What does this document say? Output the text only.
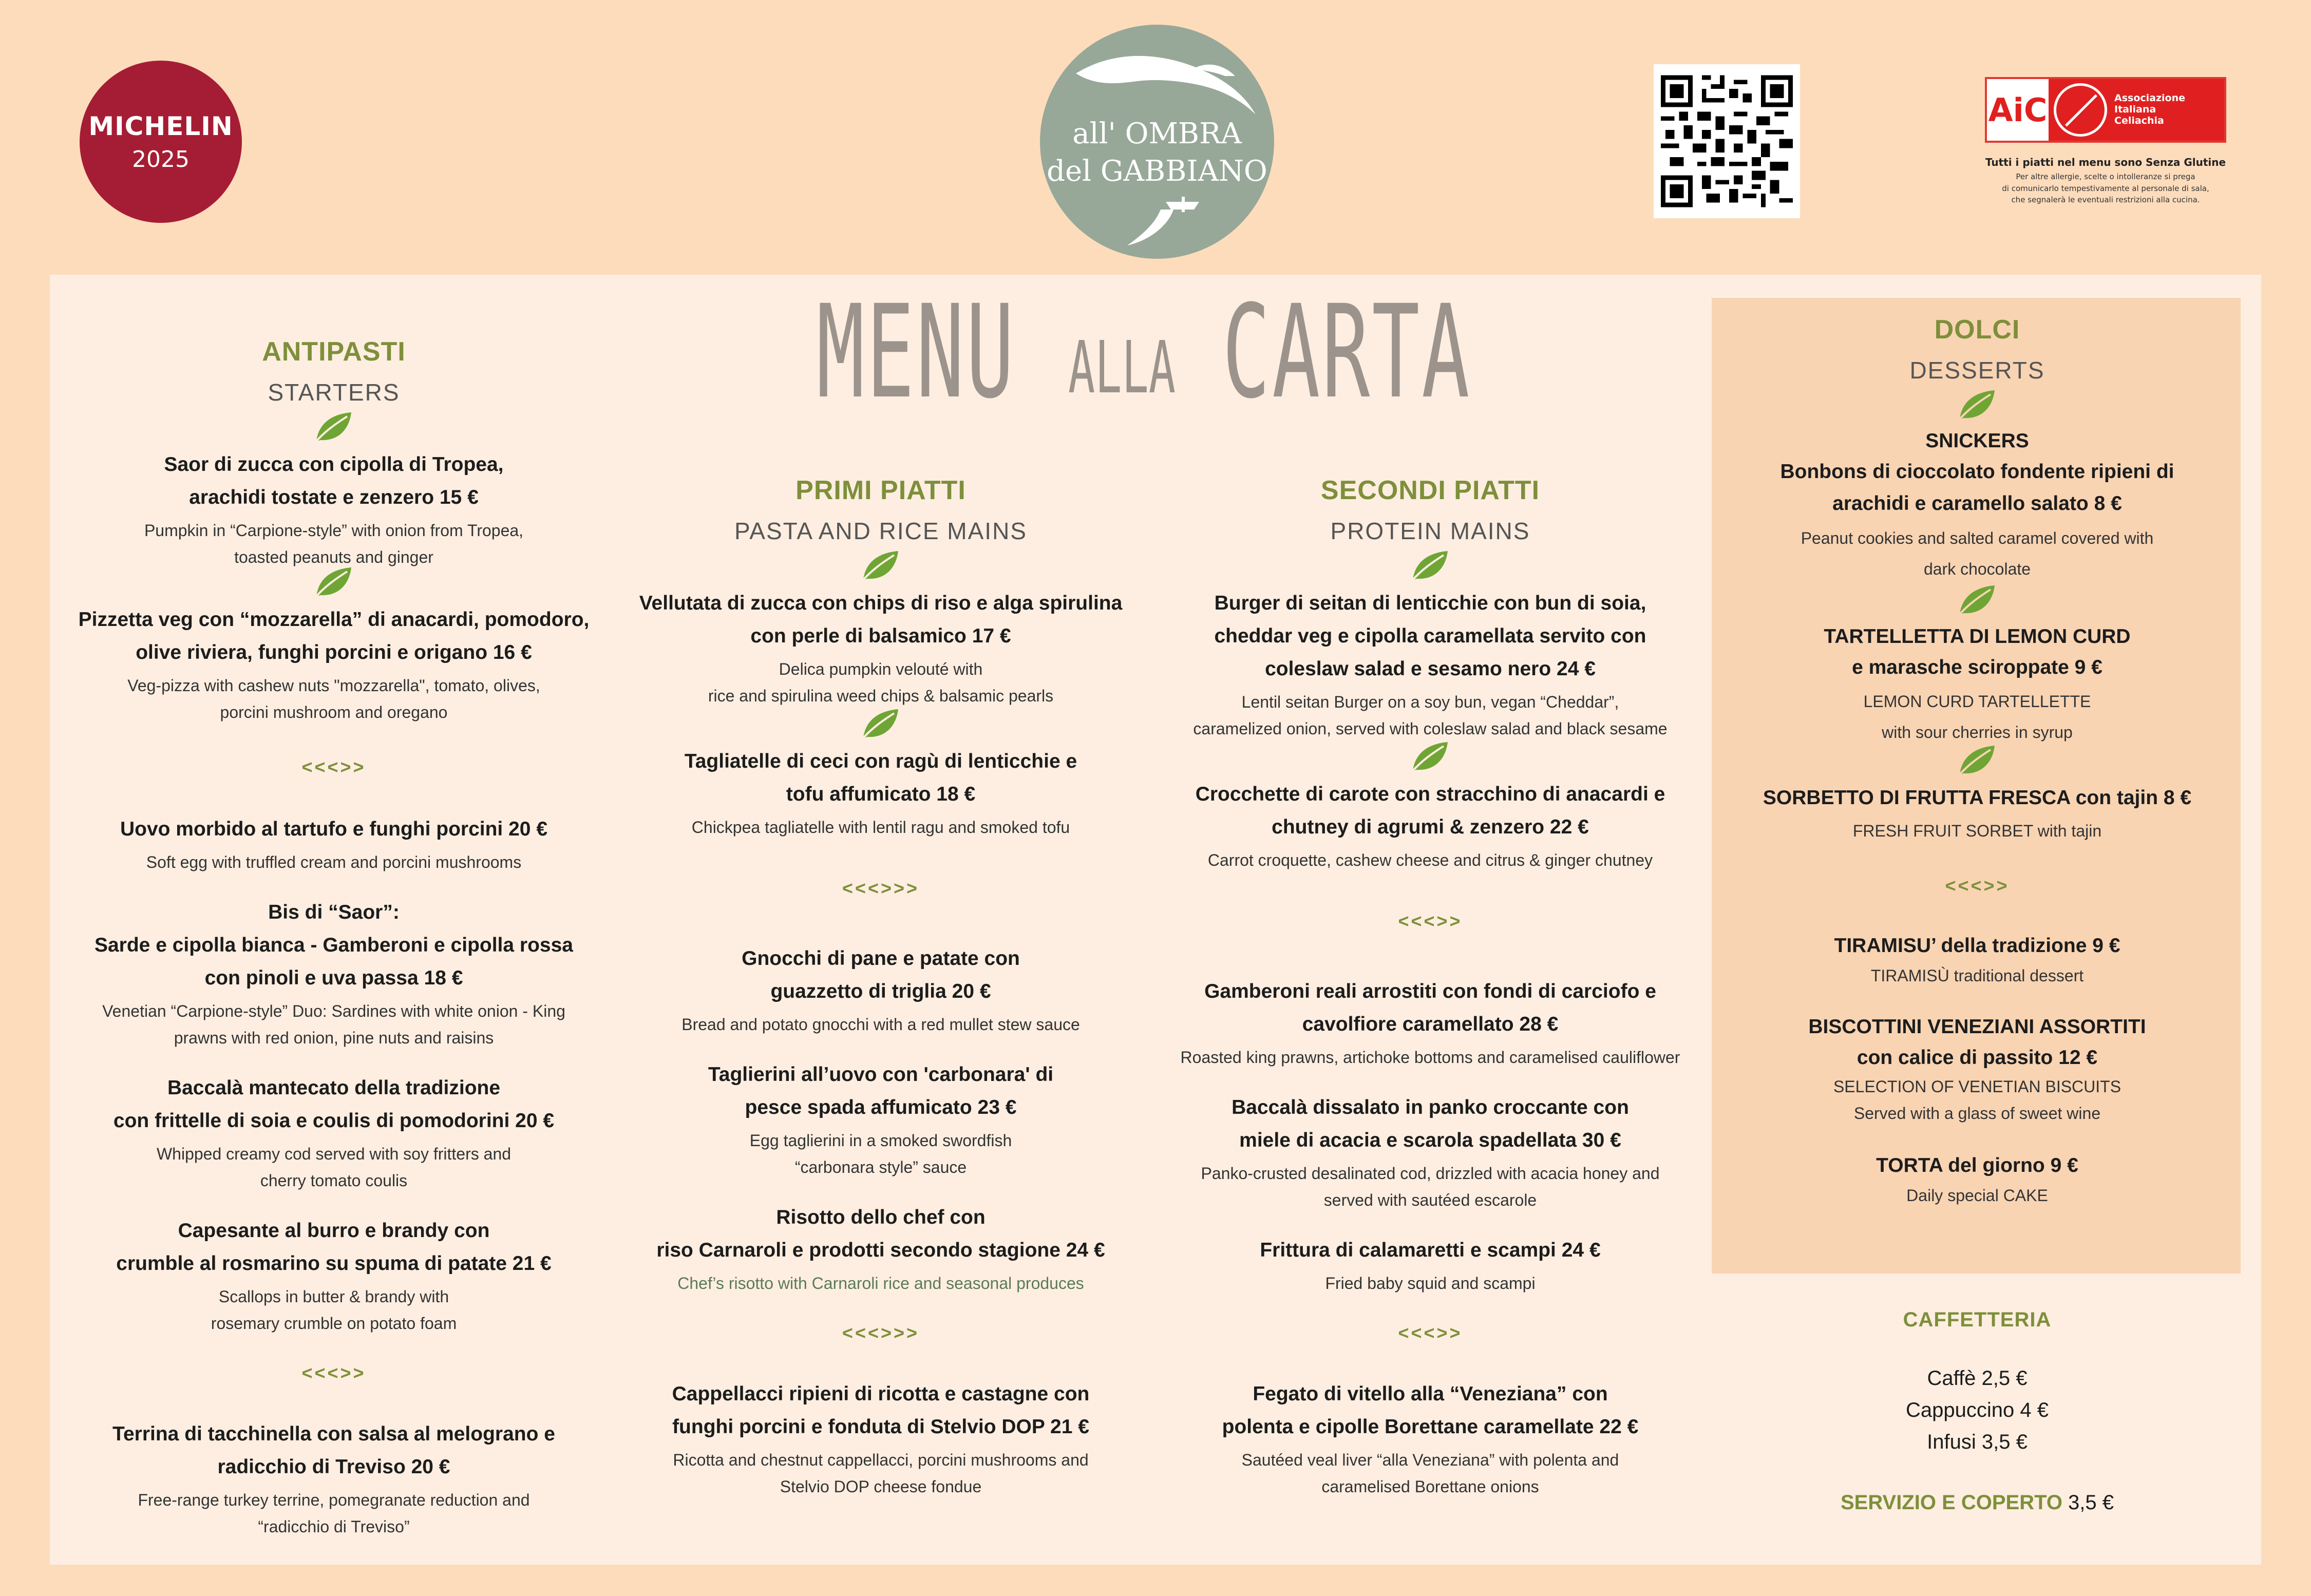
MICHELIN
2025
all' OMBRA
del GABBIANO
AiC	Associazione
Italiana
Celiachia
Tutti i piatti nel menu sono Senza Glutine
Per altre allergie, scelte o intolleranze si prega
di comunicarlo tempestivamente al personale di sala,
che segnalerà le eventuali restrizioni alla cucina.
MENU ALLA CARTA
ANTIPASTI
STARTERS
Saor di zucca con cipolla di Tropea,
arachidi tostate e zenzero 15 €
Pumpkin in “Carpione-style” with onion from Tropea,
toasted peanuts and ginger
Pizzetta veg con “mozzarella” di anacardi, pomodoro,
olive riviera, funghi porcini e origano 16 €
Veg-pizza with cashew nuts "mozzarella", tomato, olives,
porcini mushroom and oregano
<<<>>
Uovo morbido al tartufo e funghi porcini 20 €
Soft egg with truffled cream and porcini mushrooms
Bis di “Saor”:
Sarde e cipolla bianca - Gamberoni e cipolla rossa
con pinoli e uva passa 18 €
Venetian “Carpione-style” Duo: Sardines with white onion - King
prawns with red onion, pine nuts and raisins
Baccalà mantecato della tradizione
con frittelle di soia e coulis di pomodorini 20 €
Whipped creamy cod served with soy fritters and
cherry tomato coulis
Capesante al burro e brandy con
crumble al rosmarino su spuma di patate 21 €
Scallops in butter & brandy with
rosemary crumble on potato foam
<<<>>
Terrina di tacchinella con salsa al melograno e
radicchio di Treviso 20 €
Free-range turkey terrine, pomegranate reduction and
“radicchio di Treviso”
PRIMI PIATTI
PASTA AND RICE MAINS
Vellutata di zucca con chips di riso e alga spirulina
con perle di balsamico 17 €
Delica pumpkin velouté with
rice and spirulina weed chips & balsamic pearls
Tagliatelle di ceci con ragù di lenticchie e
tofu affumicato 18 €
Chickpea tagliatelle with lentil ragu and smoked tofu
<<<>>>
Gnocchi di pane e patate con
guazzetto di triglia 20 €
Bread and potato gnocchi with a red mullet stew sauce
Taglierini all’uovo con 'carbonara' di
pesce spada affumicato 23 €
Egg taglierini in a smoked swordfish
“carbonara style” sauce
Risotto dello chef con
riso Carnaroli e prodotti secondo stagione 24 €
Chef’s risotto with Carnaroli rice and seasonal produces
<<<>>>
Cappellacci ripieni di ricotta e castagne con
funghi porcini e fonduta di Stelvio DOP 21 €
Ricotta and chestnut cappellacci, porcini mushrooms and
Stelvio DOP cheese fondue
SECONDI PIATTI
PROTEIN MAINS
Burger di seitan di lenticchie con bun di soia,
cheddar veg e cipolla caramellata servito con
coleslaw salad e sesamo nero 24 €
Lentil seitan Burger on a soy bun, vegan “Cheddar”,
caramelized onion, served with coleslaw salad and black sesame
Crocchette di carote con stracchino di anacardi e
chutney di agrumi & zenzero 22 €
Carrot croquette, cashew cheese and citrus & ginger chutney
<<<>>
Gamberoni reali arrostiti con fondi di carciofo e
cavolfiore caramellato 28 €
Roasted king prawns, artichoke bottoms and caramelised cauliflower
Baccalà dissalato in panko croccante con
miele di acacia e scarola spadellata 30 €
Panko-crusted desalinated cod, drizzled with acacia honey and
served with sautéed escarole
Frittura di calamaretti e scampi 24 €
Fried baby squid and scampi
<<<>>
Fegato di vitello alla “Veneziana” con
polenta e cipolle Borettane caramellate 22 €
Sautéed veal liver “alla Veneziana” with polenta and
caramelised Borettane onions
DOLCI
DESSERTS
SNICKERS
Bonbons di cioccolato fondente ripieni di
arachidi e caramello salato 8 €
Peanut cookies and salted caramel covered with
dark chocolate
TARTELLETTA DI LEMON CURD
e marasche sciroppate 9 €
LEMON CURD TARTELLETTE
with sour cherries in syrup
SORBETTO DI FRUTTA FRESCA con tajin 8 €
FRESH FRUIT SORBET with tajin
<<<>>
TIRAMISU’ della tradizione 9 €
TIRAMISÙ traditional dessert
BISCOTTINI VENEZIANI ASSORTITI
con calice di passito 12 €
SELECTION OF VENETIAN BISCUITS
Served with a glass of sweet wine
TORTA del giorno 9 €
Daily special CAKE
CAFFETTERIA
Caffè 2,5 €
Cappuccino 4 €
Infusi 3,5 €
SERVIZIO E COPERTO 3,5 €
